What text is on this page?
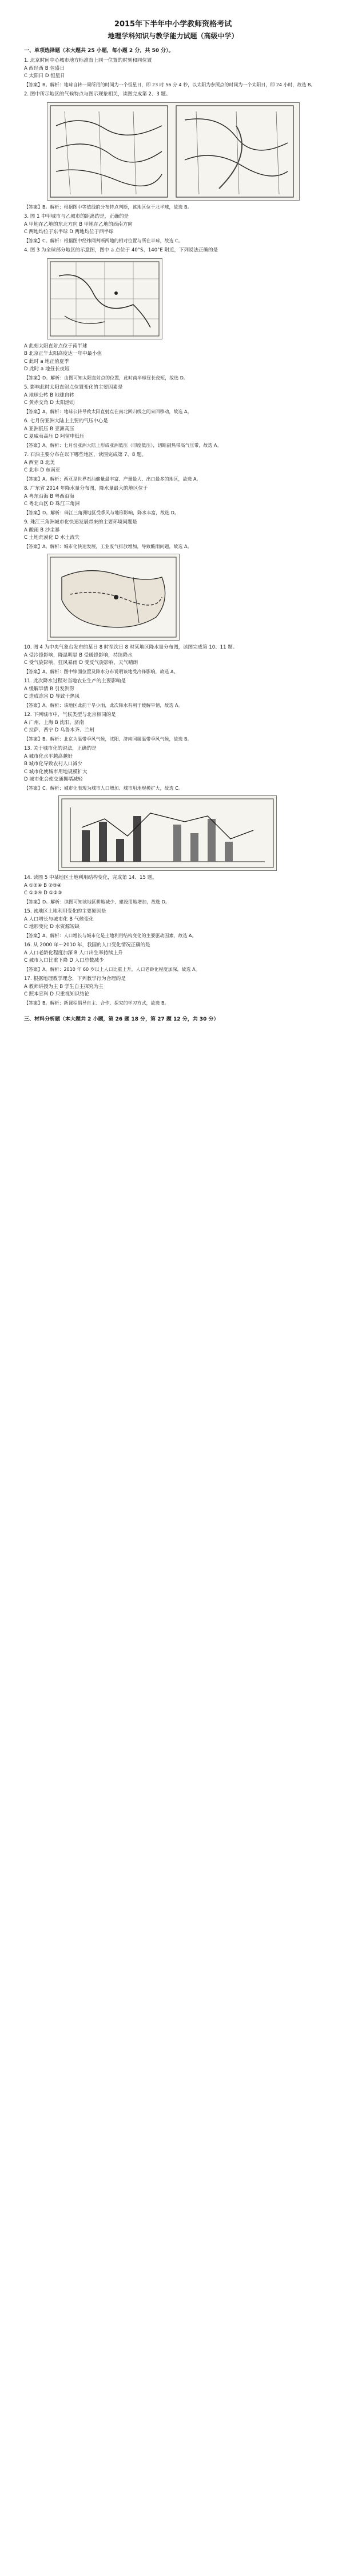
2015年下半年中小学教师资格考试

地理学科知识与教学能力试题（高级中学）

一、单项选择题（本大题共 25 小题，每小题 2 分，共 50 分）。

1. 北京时间中心城市地方标准直上同一位置的时刻和同位置

A 西经西 B 包盛日

C 太阳日 D 恒星日

【答案】B。解析：地球自转一周所用的时间为一个恒星日，即 23 时 56 分 4 秒，以太阳为参照点的时间为一个太阳日，即 24 小时，故选 B。

2. 图中所示地区的气候特点与图示现象相关，读图完成第 2、3 题。

【答案】B。解析：根据图中等值线的分布特点判断，该地区位于北半球，故选 B。

3. 图 1 中甲城市与乙城市的距离约是，正确的是

A 甲地在乙地的东北方向 B 甲地在乙地的西南方向

C 两地均位于东半球 D 两地均位于西半球

【答案】C。解析：根据图中经纬网判断两地的相对位置与所在半球，故选 C。

4. 图 3 为全球部分地区的示意图，图中 a 点位于 40°S、140°E 附近，下列说法正确的是

A 此刻太阳直射点位于南半球

B 北京正午太阳高度达一年中最小值

C 此时 a 地正值夏季

D 此时 a 地昼长夜短

【答案】D。解析：由图可知太阳直射点的位置，此时南半球昼长夜短，故选 D。

5. 影响此时太阳直射点位置变化的主要因素是

A 地球公转 B 地球自转

C 黄赤交角 D 太阳活动

【答案】A。解析：地球公转导致太阳直射点在南北回归线之间来回移动，故选 A。

6. 七月份亚洲大陆上主要的气压中心是

A 亚洲低压 B 亚洲高压

C 夏威夷高压 D 阿留申低压

【答案】A。解析：七月份亚洲大陆上形成亚洲低压（印度低压），切断副热带高气压带，故选 A。

7. 石油主要分布在以下哪些地区，读图完成第 7、8 题。

A 西亚 B 北美

C 北非 D 东南亚

【答案】A。解析：西亚是世界石油储量最丰富、产量最大、出口最多的地区，故选 A。

8. 广东省 2014 年降水量分布图，降水量最大的地区位于

A 粤东沿海 B 粤西沿海

C 粤北山区 D 珠江三角洲

【答案】D。解析：珠江三角洲地区受季风与地形影响，降水丰富，故选 D。

9. 珠江三角洲城市化快速发展带来的主要环境问题是

A 酸雨 B 沙尘暴

C 土地荒漠化 D 水土流失

【答案】A。解析：城市化快速发展，工业废气排放增加，导致酸雨问题，故选 A。

10. 图 4 为中央气象台发布的某日 8 时至次日 8 时某地区降水量分布图，读图完成第 10、11 题。

A 受冷锋影响，降温明显 B 受暖锋影响，持续降水

C 受气旋影响，狂风暴雨 D 受反气旋影响，天气晴朗

【答案】A。解析：图中锋面位置及降水分布说明该地受冷锋影响，故选 A。

11. 此次降水过程对当地农业生产的主要影响是

A 缓解旱情 B 引发洪涝

C 造成冻害 D 导致干热风

【答案】A。解析：该地区此前干旱少雨，此次降水有利于缓解旱情，故选 A。

12. 下列城市中，气候类型与北京相同的是

A 广州、上海 B 沈阳、济南

C 拉萨、西宁 D 乌鲁木齐、兰州

【答案】B。解析：北京为温带季风气候，沈阳、济南同属温带季风气候，故选 B。

13. 关于城市化的说法，正确的是

A 城市化水平越高越好

B 城市化导致农村人口减少

C 城市化使城市用地规模扩大

D 城市化会使交通拥堵减轻

【答案】C。解析：城市化表现为城市人口增加、城市用地规模扩大，故选 C。

14. 读图 5 中某地区土地利用结构变化，完成第 14、15 题。

A ①②④ B ②③④

C ①③④ D ①②③

【答案】D。解析：读图可知该地区耕地减少、建设用地增加，故选 D。

15. 该地区土地利用变化的主要原因是

A 人口增长与城市化 B 气候变化

C 地形变化 D 水资源短缺

【答案】A。解析：人口增长与城市化是土地利用结构变化的主要驱动因素，故选 A。

16. 从 2000 年～2010 年，我国的人口变化情况正确的是

A 人口老龄化程度加深 B 人口出生率持续上升

C 城市人口比重下降 D 人口总数减少

【答案】A。解析：2010 年 60 岁以上人口比重上升，人口老龄化程度加深，故选 A。

17. 根据地理教学理念，下列教学行为合理的是

A 教师讲授为主 B 学生自主探究为主

C 照本宣科 D 只重视知识结论

【答案】B。解析：新课程倡导自主、合作、探究的学习方式，故选 B。

三、材料分析题（本大题共 2 小题，第 26 题 18 分，第 27 题 12 分，共 30 分）
